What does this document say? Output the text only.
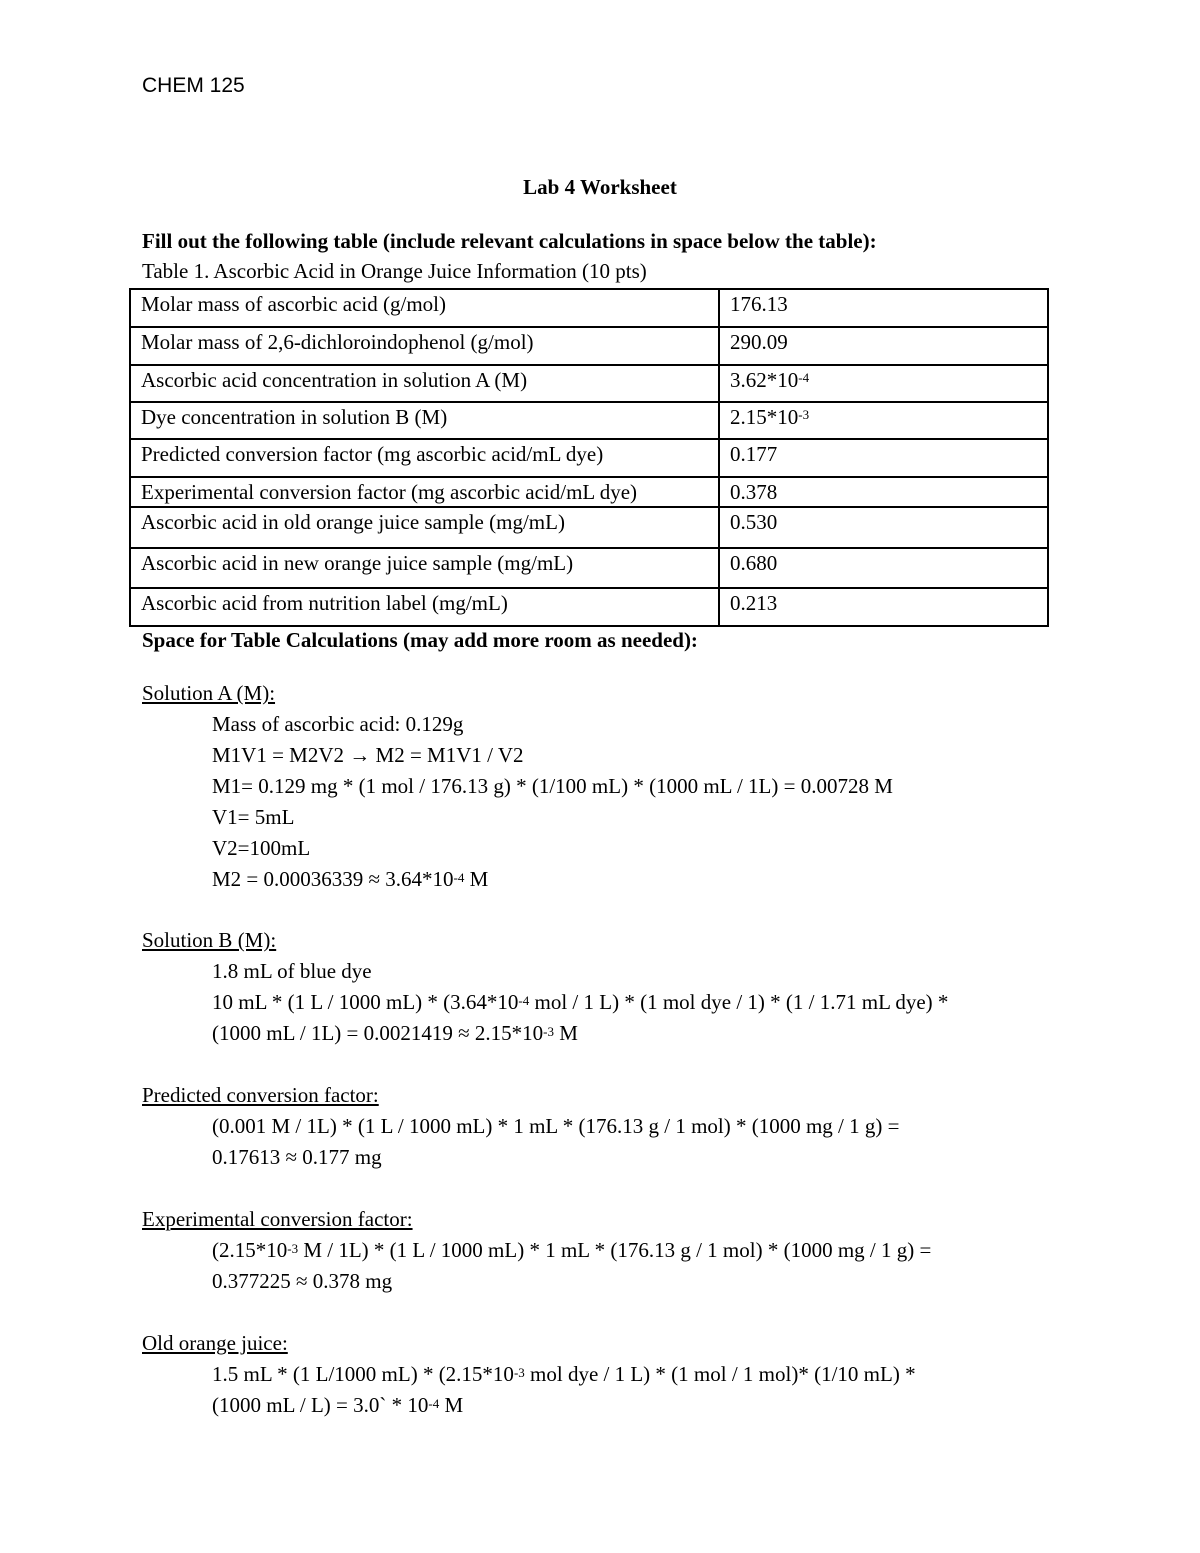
CHEM 125
Lab 4 Worksheet
Fill out the following table (include relevant calculations in space below the table):
Table 1. Ascorbic Acid in Orange Juice Information (10 pts)
Molar mass of ascorbic acid (g/mol)	176.13
Molar mass of 2,6-dichloroindophenol (g/mol)	290.09
Ascorbic acid concentration in solution A (M)	$3.62*10^{-4}$
Dye concentration in solution B (M)	$2.15*10^{-3}$
Predicted conversion factor (mg ascorbic acid/mL dye)	0.177
Experimental conversion factor (mg ascorbic acid/mL dye)	0.378
Ascorbic acid in old orange juice sample (mg/mL)	0.530
Ascorbic acid in new orange juice sample (mg/mL)	0.680
Ascorbic acid from nutrition label (mg/mL)	0.213
Space for Table Calculations (may add more room as needed):
Solution A (M):
Mass of ascorbic acid: 0.129g
M1V1 = M2V2 → M2 = M1V1 / V2
M1= 0.129 mg * (1 mol / 176.13 g) * (1/100 mL) * (1000 mL / 1L) = 0.00728 M
V1= 5mL
V2=100mL
$M2 = 0.00036339 \approx 3.64*10^{-4}$ M
Solution B (M):
1.8 mL of blue dye
10 mL * (1 L / 1000 $mL) * (3.64*10^{-4}$ mol / 1 L) * (1 mol dye / 1) * (1 / 1.71 mL dye) *
(1000 mL / $1L) = 0.0021419 \approx 2.15*10^{-3}$ M
Predicted conversion factor:
(0.001 M / 1L) * (1 L / 1000 mL) * 1 mL * (176.13 g / 1 mol) * (1000 mg / 1 g) =
0.17613 ≈ 0.177 mg
Experimental conversion factor:
($2.15*10^{-3}$ M / 1L) * (1 L / 1000 mL) * 1 mL * (176.13 g / 1 mol) * (1000 mg / 1 g) =
0.377225 ≈ 0.378 mg
Old orange juice:
1.5 mL * (1 L/1000 $mL) * (2.15*10^{-3}$ mol dye / 1 L) * (1 mol / 1 mol)* (1/10 mL) *
(1000 mL / L) = 3.0` * $10^{-4}$ M
